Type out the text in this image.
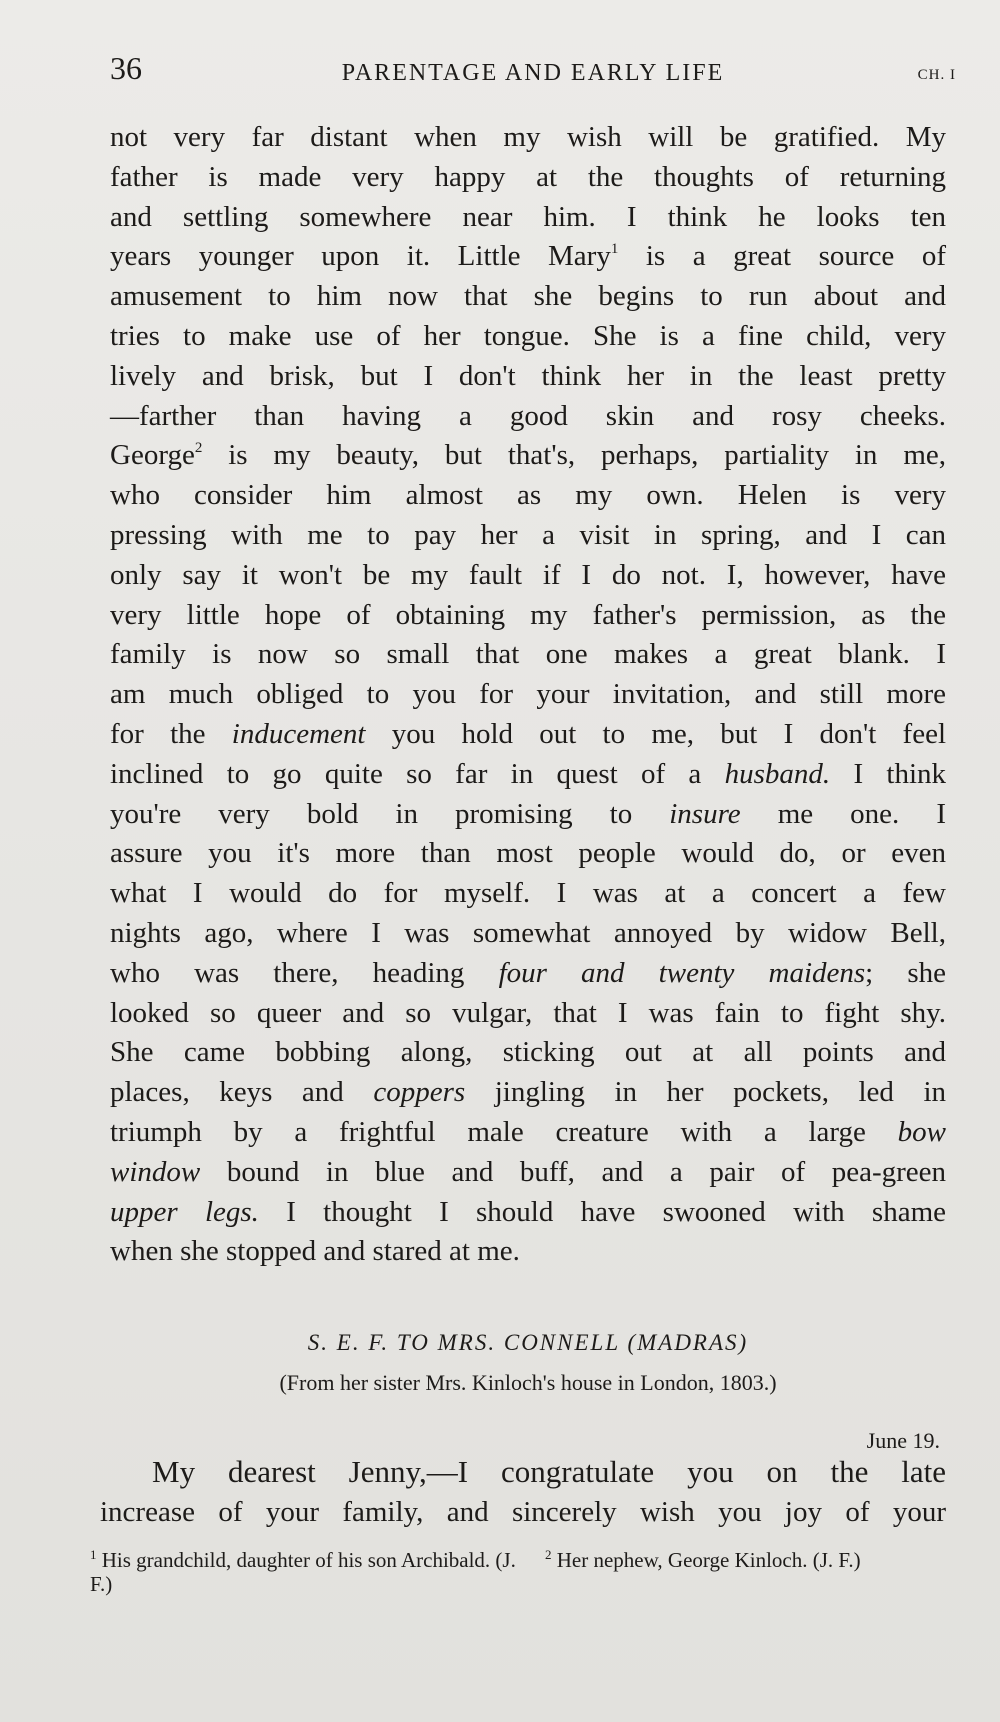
36	PARENTAGE AND EARLY LIFE	CH. I
not very far distant when my wish will be gratified. My
father is made very happy at the thoughts of returning
and settling somewhere near him. I think he looks ten
years younger upon it. Little Mary$^1$ is a great source of
amusement to him now that she begins to run about and
tries to make use of her tongue. She is a fine child, very
lively and brisk, but I don't think her in the least pretty
—farther than having a good skin and rosy cheeks.
George$^2$ is my beauty, but that's, perhaps, partiality in me,
who consider him almost as my own. Helen is very
pressing with me to pay her a visit in spring, and I can
only say it won't be my fault if I do not. I, however, have
very little hope of obtaining my father's permission, as the
family is now so small that one makes a great blank. I
am much obliged to you for your invitation, and still more
for the inducement you hold out to me, but I don't feel
inclined to go quite so far in quest of a husband. I think
you're very bold in promising to insure me one. I
assure you it's more than most people would do, or even
what I would do for myself. I was at a concert a few
nights ago, where I was somewhat annoyed by widow Bell,
who was there, heading four and twenty maidens; she
looked so queer and so vulgar, that I was fain to fight shy.
She came bobbing along, sticking out at all points and
places, keys and coppers jingling in her pockets, led in
triumph by a frightful male creature with a large bow
window bound in blue and buff, and a pair of pea-green
upper legs. I thought I should have swooned with shame
when she stopped and stared at me.
S. E. F. TO MRS. CONNELL (MADRAS)
(From her sister Mrs. Kinloch's house in London, 1803.)
June 19.
My dearest Jenny,—I congratulate you on the late
increase of your family, and sincerely wish you joy of your
$^1$ His grandchild, daughter of his son Archibald. (J. F.)
$^2$ Her nephew, George Kinloch. (J. F.)
